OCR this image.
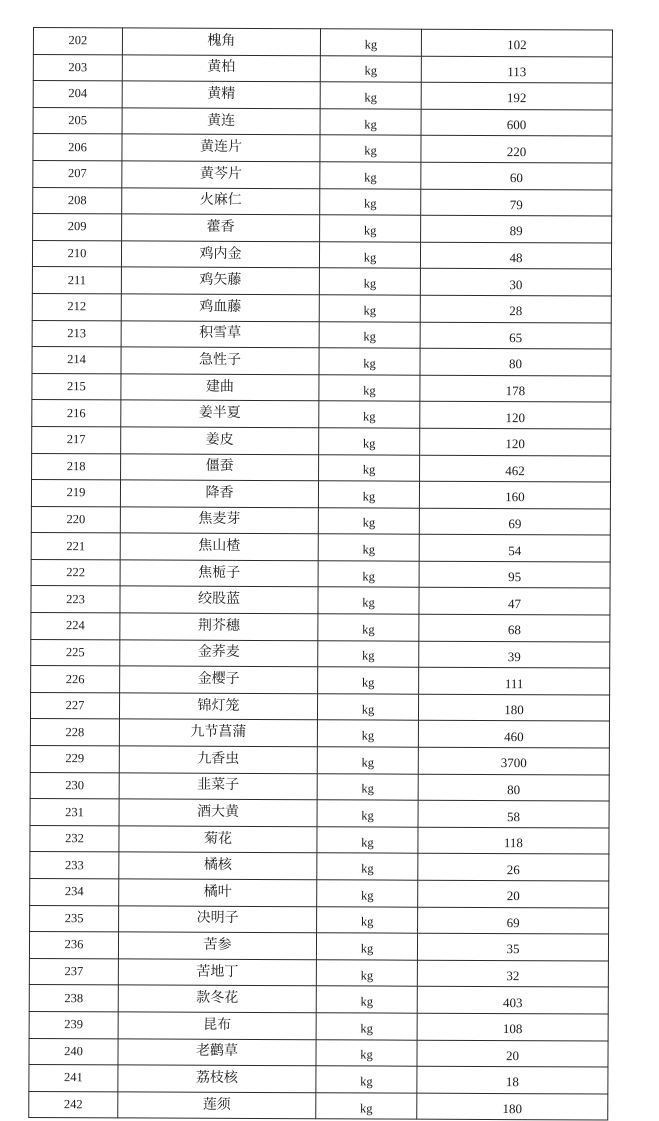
202	槐角	kg	102
203	黄柏	kg	113
204	黄精	kg	192
205	黄连	kg	600
206	黄连片	kg	220
207	黄芩片	kg	60
208	火麻仁	kg	79
209	藿香	kg	89
210	鸡内金	kg	48
211	鸡矢藤	kg	30
212	鸡血藤	kg	28
213	积雪草	kg	65
214	急性子	kg	80
215	建曲	kg	178
216	姜半夏	kg	120
217	姜皮	kg	120
218	僵蚕	kg	462
219	降香	kg	160
220	焦麦芽	kg	69
221	焦山楂	kg	54
222	焦栀子	kg	95
223	绞股蓝	kg	47
224	荆芥穗	kg	68
225	金荞麦	kg	39
226	金樱子	kg	111
227	锦灯笼	kg	180
228	九节菖蒲	kg	460
229	九香虫	kg	3700
230	韭菜子	kg	80
231	酒大黄	kg	58
232	菊花	kg	118
233	橘核	kg	26
234	橘叶	kg	20
235	决明子	kg	69
236	苦参	kg	35
237	苦地丁	kg	32
238	款冬花	kg	403
239	昆布	kg	108
240	老鹳草	kg	20
241	荔枝核	kg	18
242	莲须	kg	180
